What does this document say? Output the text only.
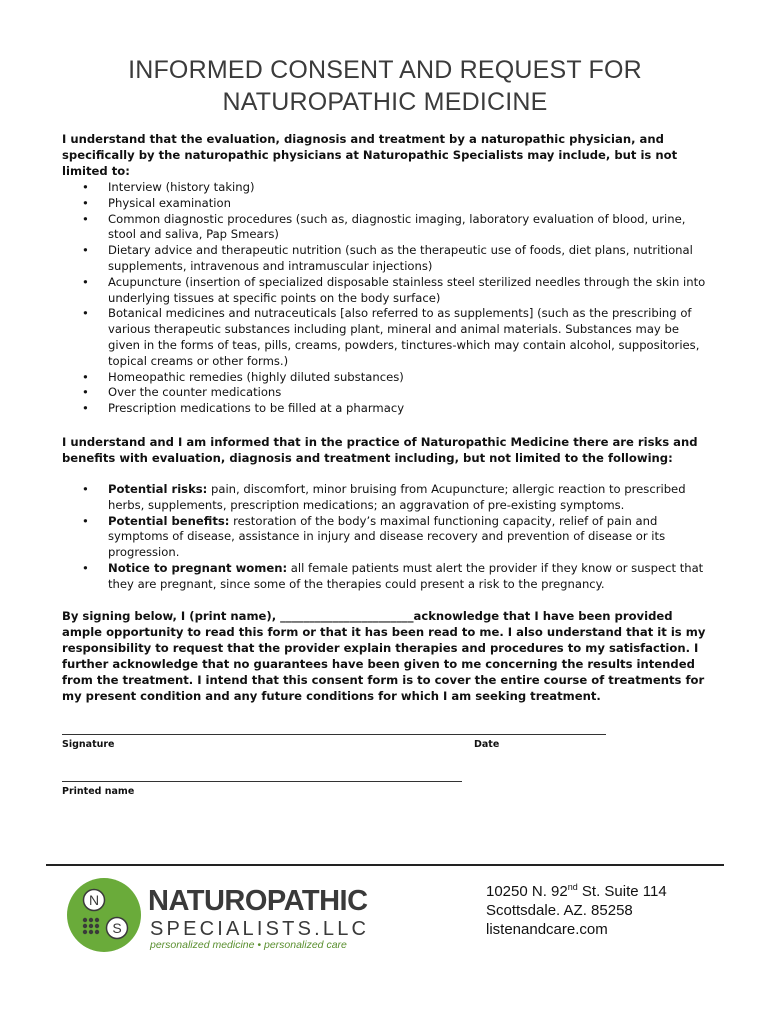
INFORMED CONSENT AND REQUEST FOR
NATUROPATHIC MEDICINE
I understand that the evaluation, diagnosis and treatment by a naturopathic physician, and specifically by the naturopathic physicians at Naturopathic Specialists may include, but is not limited to:
• Interview (history taking)
• Physical examination
• Common diagnostic procedures (such as, diagnostic imaging, laboratory evaluation of blood, urine, stool and saliva, Pap Smears)
• Dietary advice and therapeutic nutrition (such as the therapeutic use of foods, diet plans, nutritional supplements, intravenous and intramuscular injections)
• Acupuncture (insertion of specialized disposable stainless steel sterilized needles through the skin into underlying tissues at specific points on the body surface)
• Botanical medicines and nutraceuticals [also referred to as supplements] (such as the prescribing of various therapeutic substances including plant, mineral and animal materials. Substances may be given in the forms of teas, pills, creams, powders, tinctures-which may contain alcohol, suppositories, topical creams or other forms.)
• Homeopathic remedies (highly diluted substances)
• Over the counter medications
• Prescription medications to be filled at a pharmacy
I understand and I am informed that in the practice of Naturopathic Medicine there are risks and benefits with evaluation, diagnosis and treatment including, but not limited to the following:
• Potential risks: pain, discomfort, minor bruising from Acupuncture; allergic reaction to prescribed herbs, supplements, prescription medications; an aggravation of pre-existing symptoms.
• Potential benefits: restoration of the body’s maximal functioning capacity, relief of pain and symptoms of disease, assistance in injury and disease recovery and prevention of disease or its progression.
• Notice to pregnant women: all female patients must alert the provider if they know or suspect that they are pregnant, since some of the therapies could present a risk to the pregnancy.
By signing below, I (print name), _______________________acknowledge that I have been provided ample opportunity to read this form or that it has been read to me. I also understand that it is my responsibility to request that the provider explain therapies and procedures to my satisfaction. I further acknowledge that no guarantees have been given to me concerning the results intended from the treatment. I intend that this consent form is to cover the entire course of treatments for my present condition and any future conditions for which I am seeking treatment.
Signature	Date
Printed name
N
S
NATUROPATHIC
SPECIALISTS.LLC
personalized medicine • personalized care
10250 N. 92nd St. Suite 114
Scottsdale. AZ. 85258
listenandcare.com
